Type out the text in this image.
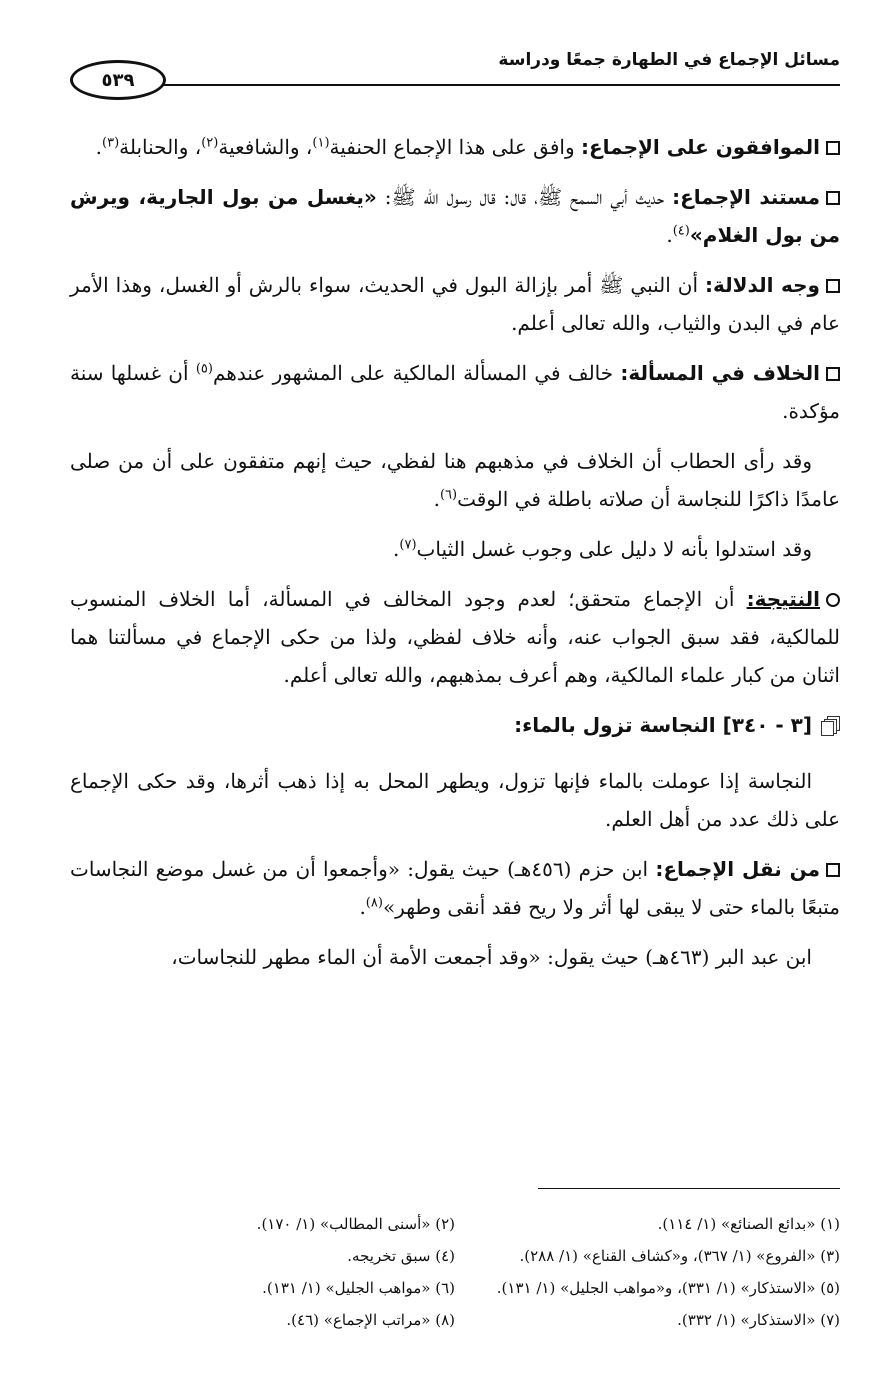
مسائل الإجماع في الطهارة جمعًا ودراسة
٥٣٩

الموافقون على الإجماع: وافق على هذا الإجماع الحنفية$^{(١)}$، والشافعية$^{(٢)}$، والحنابلة$^{(٣)}$.

مستند الإجماع: حديث أبي السمح ﷺ، قال: قال رسول الله ﷺ: «يغسل من بول الجارية، ويرش من بول الغلام»$^{(٤)}$.

وجه الدلالة: أن النبي ﷺ أمر بإزالة البول في الحديث، سواء بالرش أو الغسل، وهذا الأمر عام في البدن والثياب، والله تعالى أعلم.

الخلاف في المسألة: خالف في المسألة المالكية على المشهور عندهم$^{(٥)}$ أن غسلها سنة مؤكدة.

وقد رأى الحطاب أن الخلاف في مذهبهم هنا لفظي، حيث إنهم متفقون على أن من صلى عامدًا ذاكرًا للنجاسة أن صلاته باطلة في الوقت$^{(٦)}$.

وقد استدلوا بأنه لا دليل على وجوب غسل الثياب$^{(٧)}$.

النتيجة: أن الإجماع متحقق؛ لعدم وجود المخالف في المسألة، أما الخلاف المنسوب للمالكية، فقد سبق الجواب عنه، وأنه خلاف لفظي، ولذا من حكى الإجماع في مسألتنا هما اثنان من كبار علماء المالكية، وهم أعرف بمذهبهم، والله تعالى أعلم.

[٣ - ٣٤٠] النجاسة تزول بالماء:

النجاسة إذا عوملت بالماء فإنها تزول، ويطهر المحل به إذا ذهب أثرها، وقد حكى الإجماع على ذلك عدد من أهل العلم.

من نقل الإجماع: ابن حزم (٤٥٦هـ) حيث يقول: «وأجمعوا أن من غسل موضع النجاسات متبعًا بالماء حتى لا يبقى لها أثر ولا ريح فقد أنقى وطهر»$^{(٨)}$.

ابن عبد البر (٤٦٣هـ) حيث يقول: «وقد أجمعت الأمة أن الماء مطهر للنجاسات،

(١) «بدائع الصنائع» (١/ ١١٤).
(٢) «أسنى المطالب» (١/ ١٧٠).
(٣) «الفروع» (١/ ٣٦٧)، و«كشاف القناع» (١/ ٢٨٨).
(٤) سبق تخريجه.
(٥) «الاستذكار» (١/ ٣٣١)، و«مواهب الجليل» (١/ ١٣١).
(٦) «مواهب الجليل» (١/ ١٣١).
(٧) «الاستذكار» (١/ ٣٣٢).
(٨) «مراتب الإجماع» (٤٦).
